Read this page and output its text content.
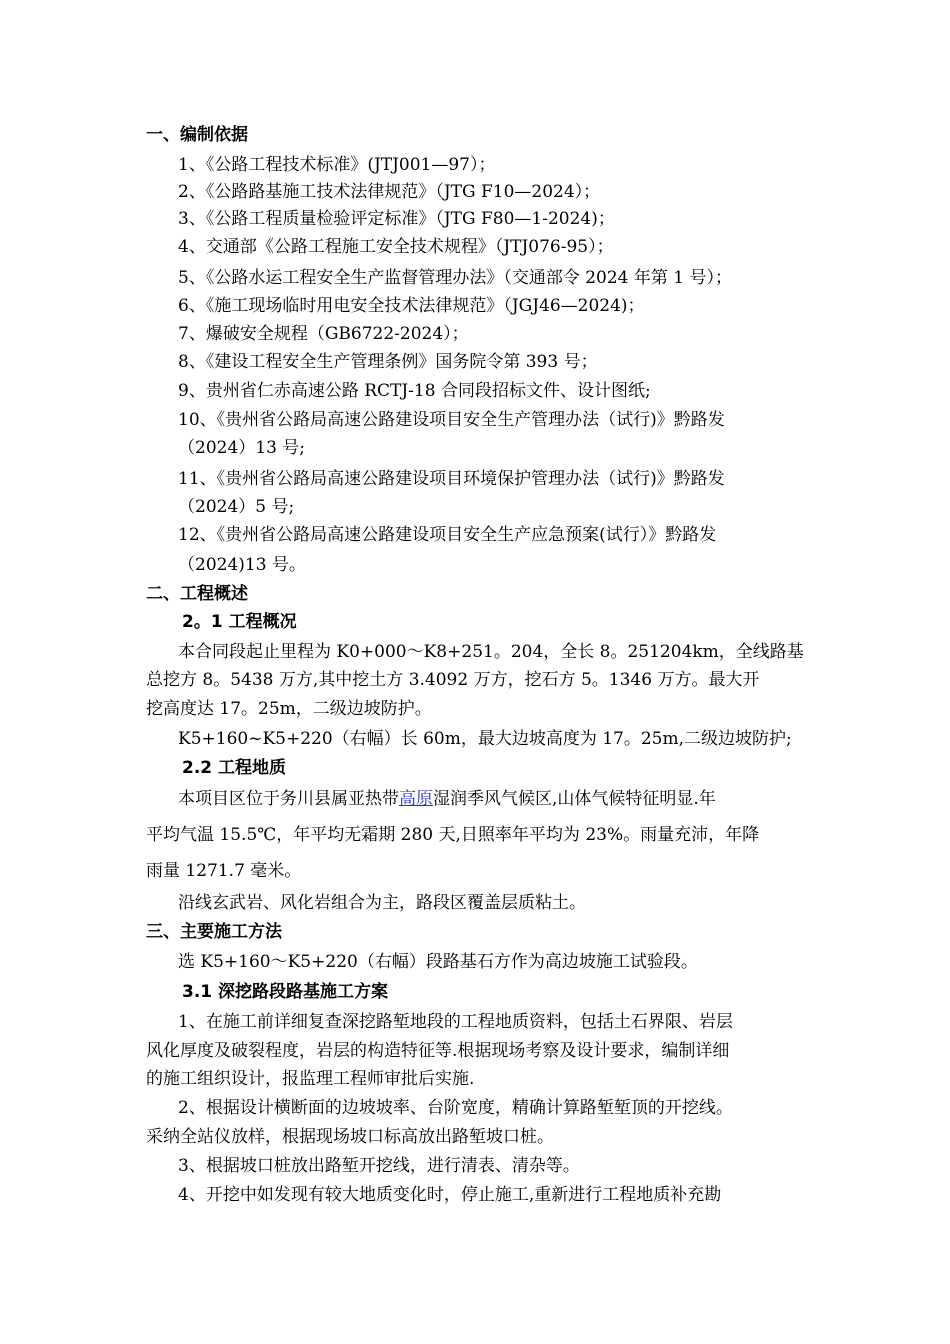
一、编制依据
1、《公路工程技术标准》(JTJ001—97）；
2、《公路路基施工技术法律规范》（JTG F10—2024）；
3、《公路工程质量检验评定标准》（JTG F80—1-2024)；
4、交通部《公路工程施工安全技术规程》（JTJ076-95）；
5、《公路水运工程安全生产监督管理办法》（交通部令 2024 年第 1 号）；
6、《施工现场临时用电安全技术法律规范》（JGJ46—2024)；
7、爆破安全规程（GB6722-2024）；
8、《建设工程安全生产管理条例》国务院令第 393 号；
9、贵州省仁赤高速公路 RCTJ-18 合同段招标文件、设计图纸;
10、《贵州省公路局高速公路建设项目安全生产管理办法（试行)》黔路发
（2024）13 号;
11、《贵州省公路局高速公路建设项目环境保护管理办法（试行)》黔路发
（2024）5 号;
12、《贵州省公路局高速公路建设项目安全生产应急预案(试行）》黔路发
（2024)13 号。
二、工程概述
2。1 工程概况
本合同段起止里程为 K0+000～K8+251。204，全长 8。251204km，全线路基
总挖方 8。5438 万方,其中挖土方 3.4092 万方，挖石方 5。1346 万方。最大开
挖高度达 17。25m，二级边坡防护。
K5+160~K5+220（右幅）长 60m，最大边坡高度为 17。25m,二级边坡防护;
2.2 工程地质
本项目区位于务川县属亚热带高原湿润季风气候区,山体气候特征明显.年
平均气温 15.5℃，年平均无霜期 280 天,日照率年平均为 23%。雨量充沛，年降
雨量 1271.7 毫米。
沿线玄武岩、风化岩组合为主，路段区覆盖层质粘土。
三、主要施工方法
选 K5+160～K5+220（右幅）段路基石方作为高边坡施工试验段。
3.1 深挖路段路基施工方案
1、在施工前详细复查深挖路堑地段的工程地质资料，包括土石界限、岩层
风化厚度及破裂程度，岩层的构造特征等.根据现场考察及设计要求，编制详细
的施工组织设计，报监理工程师审批后实施.
2、根据设计横断面的边坡坡率、台阶宽度，精确计算路堑堑顶的开挖线。
采纳全站仪放样，根据现场坡口标高放出路堑坡口桩。
3、根据坡口桩放出路堑开挖线，进行清表、清杂等。
4、开挖中如发现有较大地质变化时，停止施工,重新进行工程地质补充勘
